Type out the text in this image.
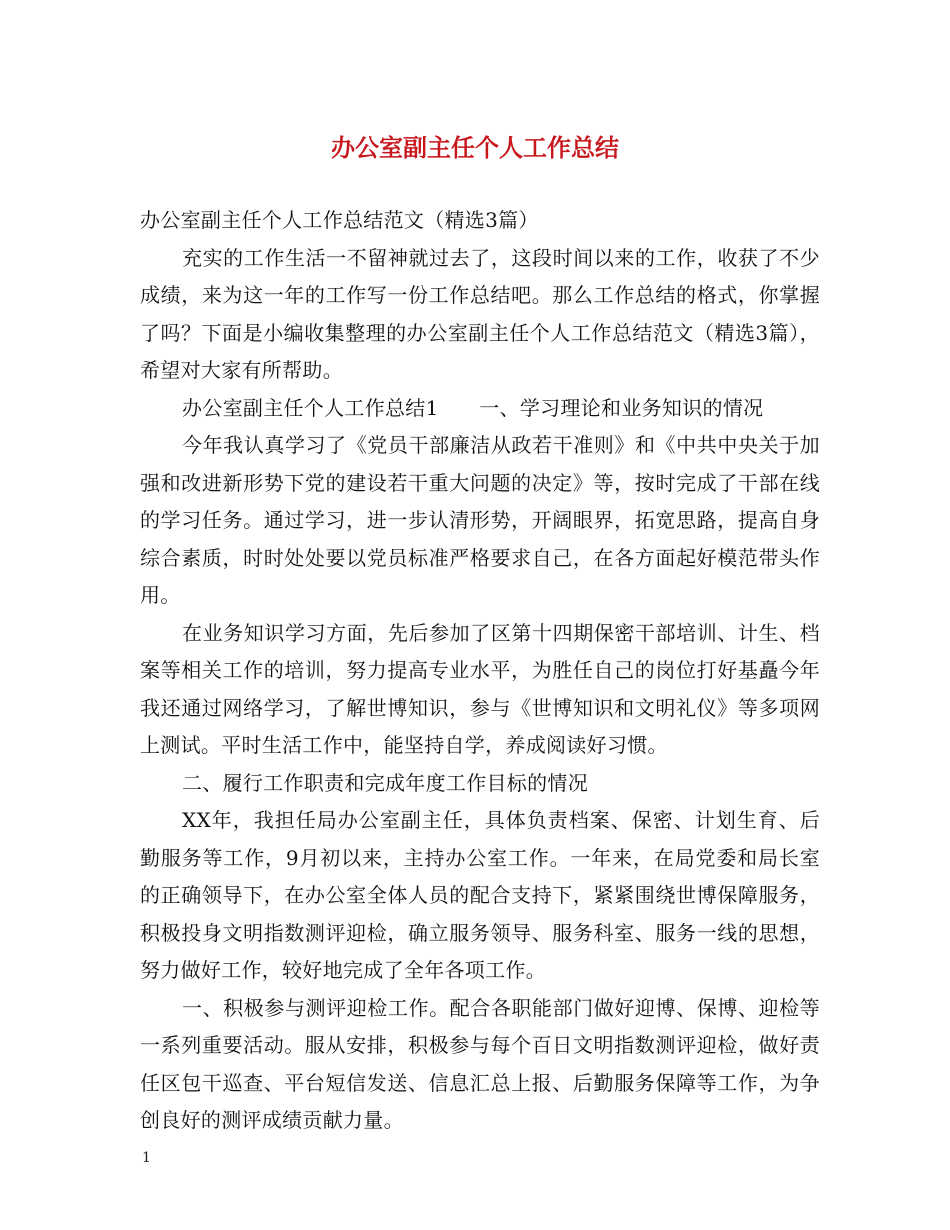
办公室副主任个人工作总结

办公室副主任个人工作总结范文（精选3篇）

充实的工作生活一不留神就过去了，这段时间以来的工作，收获了不少成绩，来为这一年的工作写一份工作总结吧。那么工作总结的格式，你掌握了吗？下面是小编收集整理的办公室副主任个人工作总结范文（精选3篇），希望对大家有所帮助。

办公室副主任个人工作总结1　　一、学习理论和业务知识的情况

今年我认真学习了《党员干部廉洁从政若干准则》和《中共中央关于加强和改进新形势下党的建设若干重大问题的决定》等，按时完成了干部在线的学习任务。通过学习，进一步认清形势，开阔眼界，拓宽思路，提高自身综合素质，时时处处要以党员标准严格要求自己，在各方面起好模范带头作用。

在业务知识学习方面，先后参加了区第十四期保密干部培训、计生、档案等相关工作的培训，努力提高专业水平，为胜任自己的岗位打好基矗今年我还通过网络学习，了解世博知识，参与《世博知识和文明礼仪》等多项网上测试。平时生活工作中，能坚持自学，养成阅读好习惯。

二、履行工作职责和完成年度工作目标的情况

XX年，我担任局办公室副主任，具体负责档案、保密、计划生育、后勤服务等工作，9月初以来，主持办公室工作。一年来，在局党委和局长室的正确领导下，在办公室全体人员的配合支持下，紧紧围绕世博保障服务，积极投身文明指数测评迎检，确立服务领导、服务科室、服务一线的思想，努力做好工作，较好地完成了全年各项工作。

一、积极参与测评迎检工作。配合各职能部门做好迎博、保博、迎检等一系列重要活动。服从安排，积极参与每个百日文明指数测评迎检，做好责任区包干巡查、平台短信发送、信息汇总上报、后勤服务保障等工作，为争创良好的测评成绩贡献力量。

1
